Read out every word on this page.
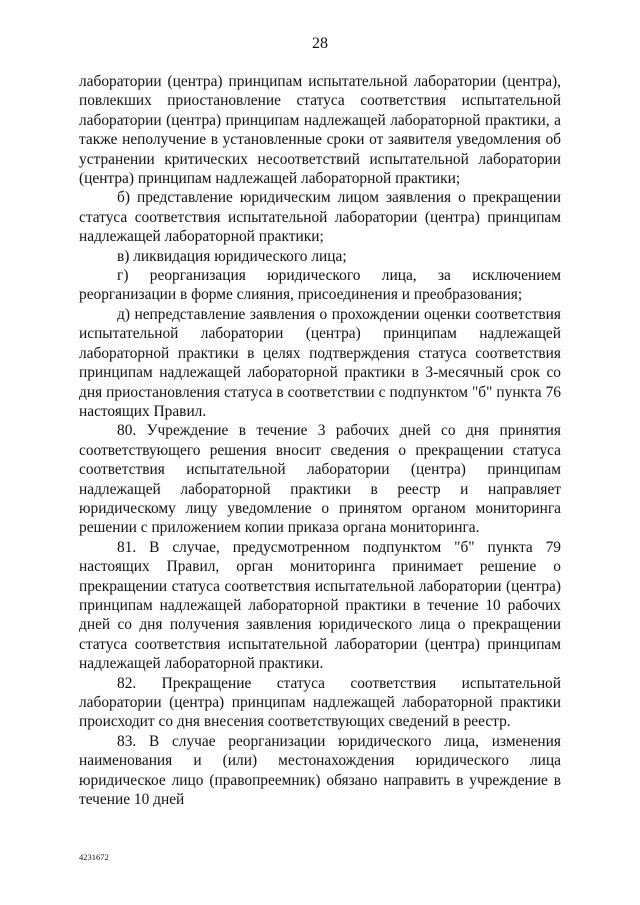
28

лаборатории (центра) принципам испытательной лаборатории (центра), повлекших приостановление статуса соответствия испытательной лаборатории (центра) принципам надлежащей лабораторной практики, а также неполучение в установленные сроки от заявителя уведомления об устранении критических несоответствий испытательной лаборатории (центра) принципам надлежащей лабораторной практики;

б) представление юридическим лицом заявления о прекращении статуса соответствия испытательной лаборатории (центра) принципам надлежащей лабораторной практики;

в) ликвидация юридического лица;

г) реорганизация юридического лица, за исключением реорганизации в форме слияния, присоединения и преобразования;

д) непредставление заявления о прохождении оценки соответствия испытательной лаборатории (центра) принципам надлежащей лабораторной практики в целях подтверждения статуса соответствия принципам надлежащей лабораторной практики в 3-месячный срок со дня приостановления статуса в соответствии с подпунктом "б" пункта 76 настоящих Правил.

80. Учреждение в течение 3 рабочих дней со дня принятия соответствующего решения вносит сведения о прекращении статуса соответствия испытательной лаборатории (центра) принципам надлежащей лабораторной практики в реестр и направляет юридическому лицу уведомление о принятом органом мониторинга решении с приложением копии приказа органа мониторинга.

81. В случае, предусмотренном подпунктом "б" пункта 79 настоящих Правил, орган мониторинга принимает решение о прекращении статуса соответствия испытательной лаборатории (центра) принципам надлежащей лабораторной практики в течение 10 рабочих дней со дня получения заявления юридического лица о прекращении статуса соответствия испытательной лаборатории (центра) принципам надлежащей лабораторной практики.

82. Прекращение статуса соответствия испытательной лаборатории (центра) принципам надлежащей лабораторной практики происходит со дня внесения соответствующих сведений в реестр.

83. В случае реорганизации юридического лица, изменения наименования и (или) местонахождения юридического лица юридическое лицо (правопреемник) обязано направить в учреждение в течение 10 дней

4231672
